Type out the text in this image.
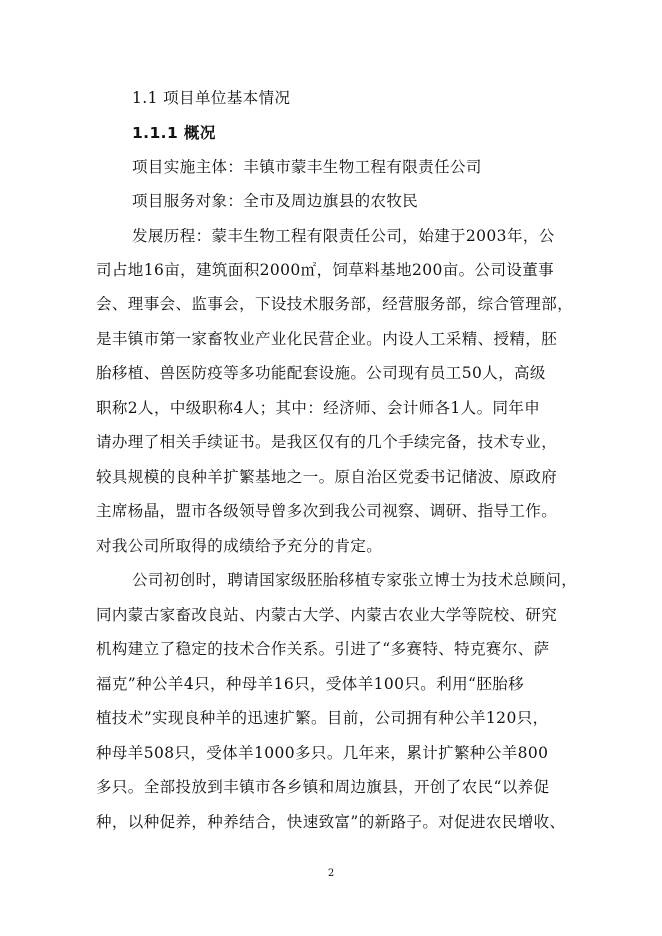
1.1 项目单位基本情况
1.1.1 概况
项目实施主体：丰镇市蒙丰生物工程有限责任公司
项目服务对象：全市及周边旗县的农牧民
发展历程：蒙丰生物工程有限责任公司，始建于2003年，公
司占地16亩，建筑面积2000㎡，饲草料基地200亩。公司设董事
会、理事会、监事会，下设技术服务部，经营服务部，综合管理部，
是丰镇市第一家畜牧业产业化民营企业。内设人工采精、授精，胚
胎移植、兽医防疫等多功能配套设施。公司现有员工50人，高级
职称2人，中级职称4人；其中：经济师、会计师各1人。同年申
请办理了相关手续证书。是我区仅有的几个手续完备，技术专业，
较具规模的良种羊扩繁基地之一。原自治区党委书记储波、原政府
主席杨晶，盟市各级领导曾多次到我公司视察、调研、指导工作。
对我公司所取得的成绩给予充分的肯定。
公司初创时，聘请国家级胚胎移植专家张立博士为技术总顾问，
同内蒙古家畜改良站、内蒙古大学、内蒙古农业大学等院校、研究
机构建立了稳定的技术合作关系。引进了“多赛特、特克赛尔、萨
福克”种公羊4只，种母羊16只，受体羊100只。利用“胚胎移
植技术”实现良种羊的迅速扩繁。目前，公司拥有种公羊120只，
种母羊508只，受体羊1000多只。几年来，累计扩繁种公羊800
多只。全部投放到丰镇市各乡镇和周边旗县，开创了农民“以养促
种，以种促养，种养结合，快速致富”的新路子。对促进农民增收、
2
